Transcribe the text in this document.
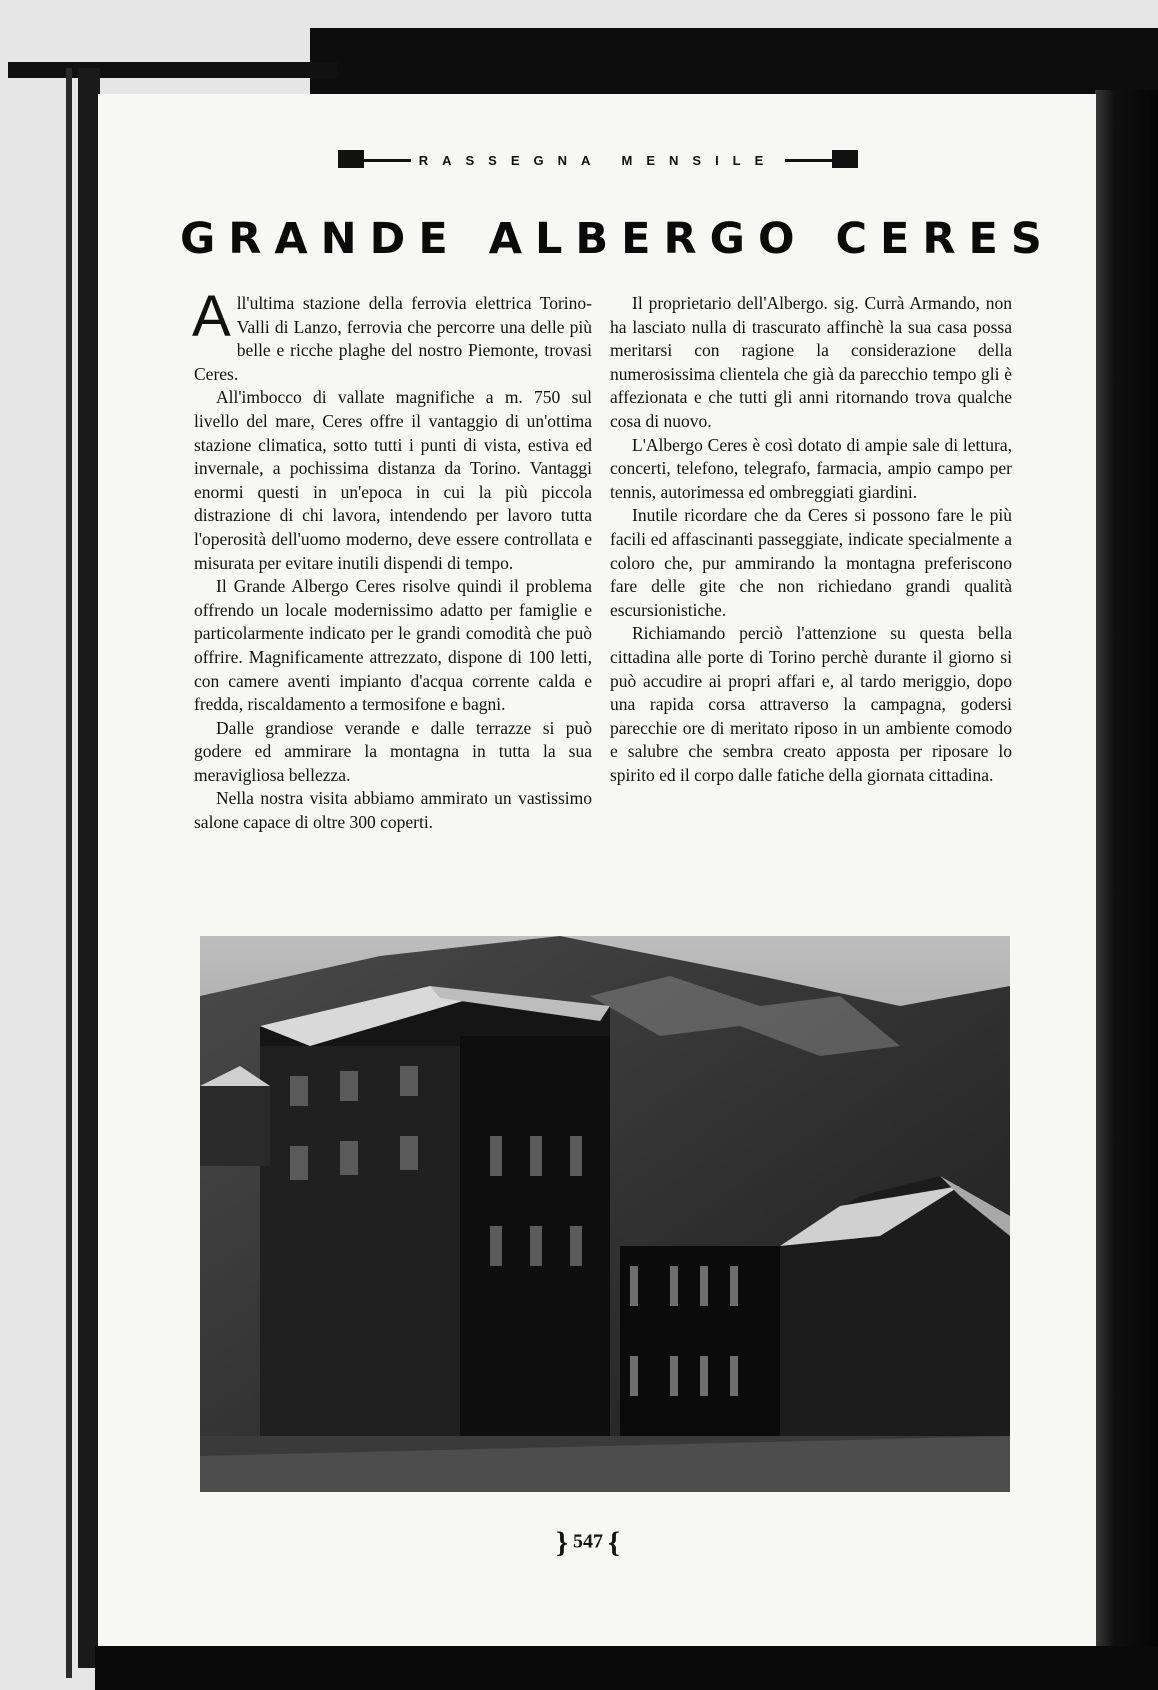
RASSEGNA MENSILE
GRANDE ALBERGO CERES

All'ultima stazione della ferrovia elettrica Torino-Valli di Lanzo, ferrovia che percorre una delle più belle e ricche plaghe del nostro Piemonte, trovasi Ceres.

All'imbocco di vallate magnifiche a m. 750 sul livello del mare, Ceres offre il vantaggio di un'ottima stazione climatica, sotto tutti i punti di vista, estiva ed invernale, a pochissima distanza da Torino. Vantaggi enormi questi in un'epoca in cui la più piccola distrazione di chi lavora, intendendo per lavoro tutta l'operosità dell'uomo moderno, deve essere controllata e misurata per evitare inutili dispendi di tempo.

Il Grande Albergo Ceres risolve quindi il problema offrendo un locale modernissimo adatto per famiglie e particolarmente indicato per le grandi comodità che può offrire. Magnificamente attrezzato, dispone di 100 letti, con camere aventi impianto d'acqua corrente calda e fredda, riscaldamento a termosifone e bagni.

Dalle grandiose verande e dalle terrazze si può godere ed ammirare la montagna in tutta la sua meravigliosa bellezza.

Nella nostra visita abbiamo ammirato un vastissimo salone capace di oltre 300 coperti.

Il proprietario dell'Albergo. sig. Currà Armando, non ha lasciato nulla di trascurato affinchè la sua casa possa meritarsi con ragione la considerazione della numerosissima clientela che già da parecchio tempo gli è affezionata e che tutti gli anni ritornando trova qualche cosa di nuovo.

L'Albergo Ceres è così dotato di ampie sale di lettura, concerti, telefono, telegrafo, farmacia, ampio campo per tennis, autorimessa ed ombreggiati giardini.

Inutile ricordare che da Ceres si possono fare le più facili ed affascinanti passeggiate, indicate specialmente a coloro che, pur ammirando la montagna preferiscono fare delle gite che non richiedano grandi qualità escursionistiche.

Richiamando perciò l'attenzione su questa bella cittadina alle porte di Torino perchè durante il giorno si può accudire ai propri affari e, al tardo meriggio, dopo una rapida corsa attraverso la campagna, godersi parecchie ore di meritato riposo in un ambiente comodo e salubre che sembra creato apposta per riposare lo spirito ed il corpo dalle fatiche della giornata cittadina.

} 547 {
